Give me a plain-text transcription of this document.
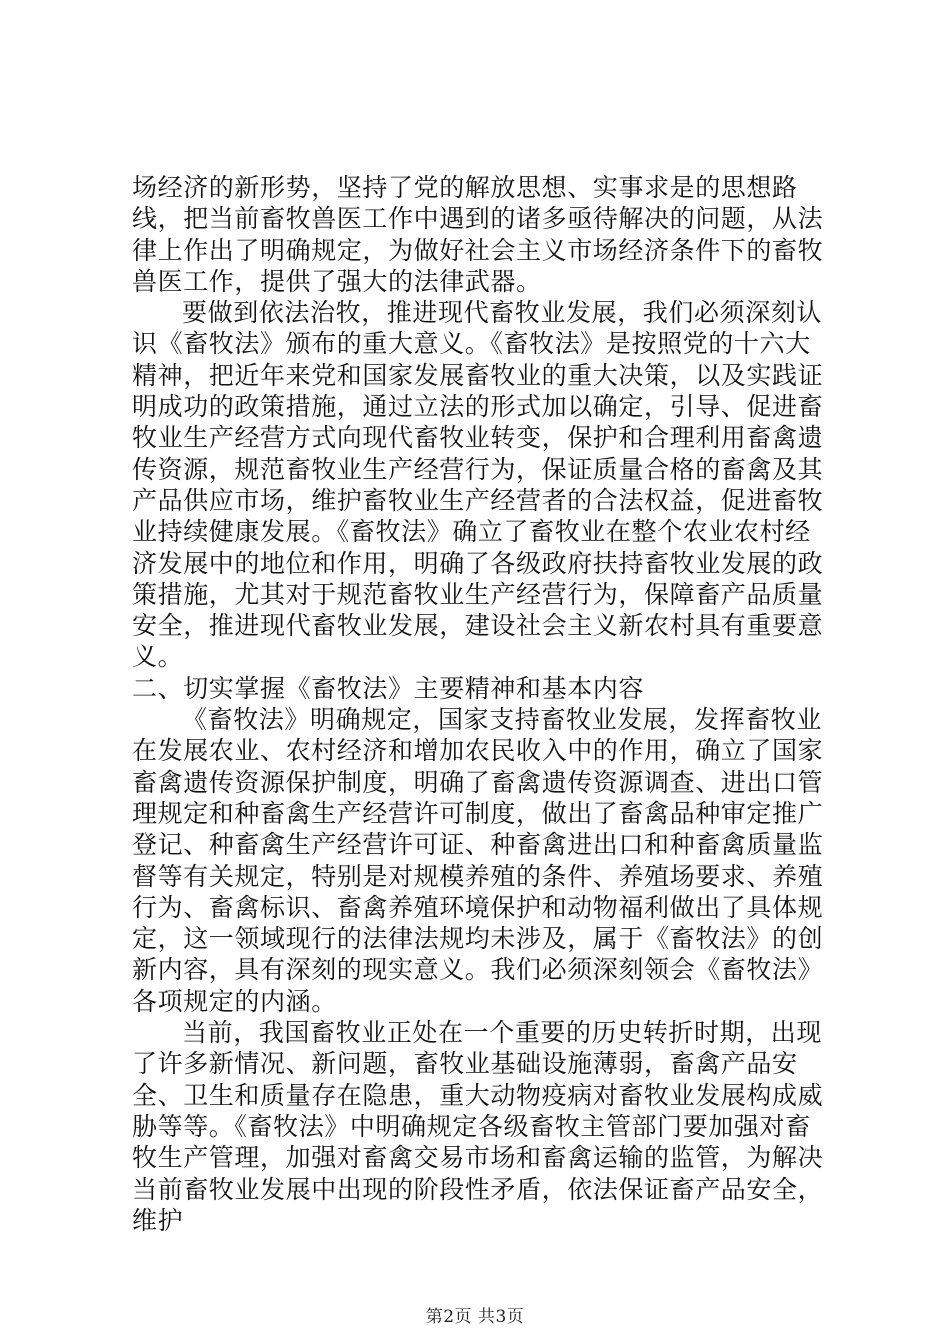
场经济的新形势，坚持了党的解放思想、实事求是的思想路线，把当前畜牧兽医工作中遇到的诸多亟待解决的问题，从法律上作出了明确规定，为做好社会主义市场经济条件下的畜牧兽医工作，提供了强大的法律武器。

要做到依法治牧，推进现代畜牧业发展，我们必须深刻认识《畜牧法》颁布的重大意义。《畜牧法》是按照党的十六大精神，把近年来党和国家发展畜牧业的重大决策，以及实践证明成功的政策措施，通过立法的形式加以确定，引导、促进畜牧业生产经营方式向现代畜牧业转变，保护和合理利用畜禽遗传资源，规范畜牧业生产经营行为，保证质量合格的畜禽及其产品供应市场，维护畜牧业生产经营者的合法权益，促进畜牧业持续健康发展。《畜牧法》确立了畜牧业在整个农业农村经济发展中的地位和作用，明确了各级政府扶持畜牧业发展的政策措施，尤其对于规范畜牧业生产经营行为，保障畜产品质量安全，推进现代畜牧业发展，建设社会主义新农村具有重要意义。

二、切实掌握《畜牧法》主要精神和基本内容

《畜牧法》明确规定，国家支持畜牧业发展，发挥畜牧业在发展农业、农村经济和增加农民收入中的作用，确立了国家畜禽遗传资源保护制度，明确了畜禽遗传资源调查、进出口管理规定和种畜禽生产经营许可制度，做出了畜禽品种审定推广登记、种畜禽生产经营许可证、种畜禽进出口和种畜禽质量监督等有关规定，特别是对规模养殖的条件、养殖场要求、养殖行为、畜禽标识、畜禽养殖环境保护和动物福利做出了具体规定，这一领域现行的法律法规均未涉及，属于《畜牧法》的创新内容，具有深刻的现实意义。我们必须深刻领会《畜牧法》各项规定的内涵。

当前，我国畜牧业正处在一个重要的历史转折时期，出现了许多新情况、新问题，畜牧业基础设施薄弱，畜禽产品安全、卫生和质量存在隐患，重大动物疫病对畜牧业发展构成威胁等等。《畜牧法》中明确规定各级畜牧主管部门要加强对畜牧生产管理，加强对畜禽交易市场和畜禽运输的监管，为解决当前畜牧业发展中出现的阶段性矛盾，依法保证畜产品安全，维护

第2页 共3页
